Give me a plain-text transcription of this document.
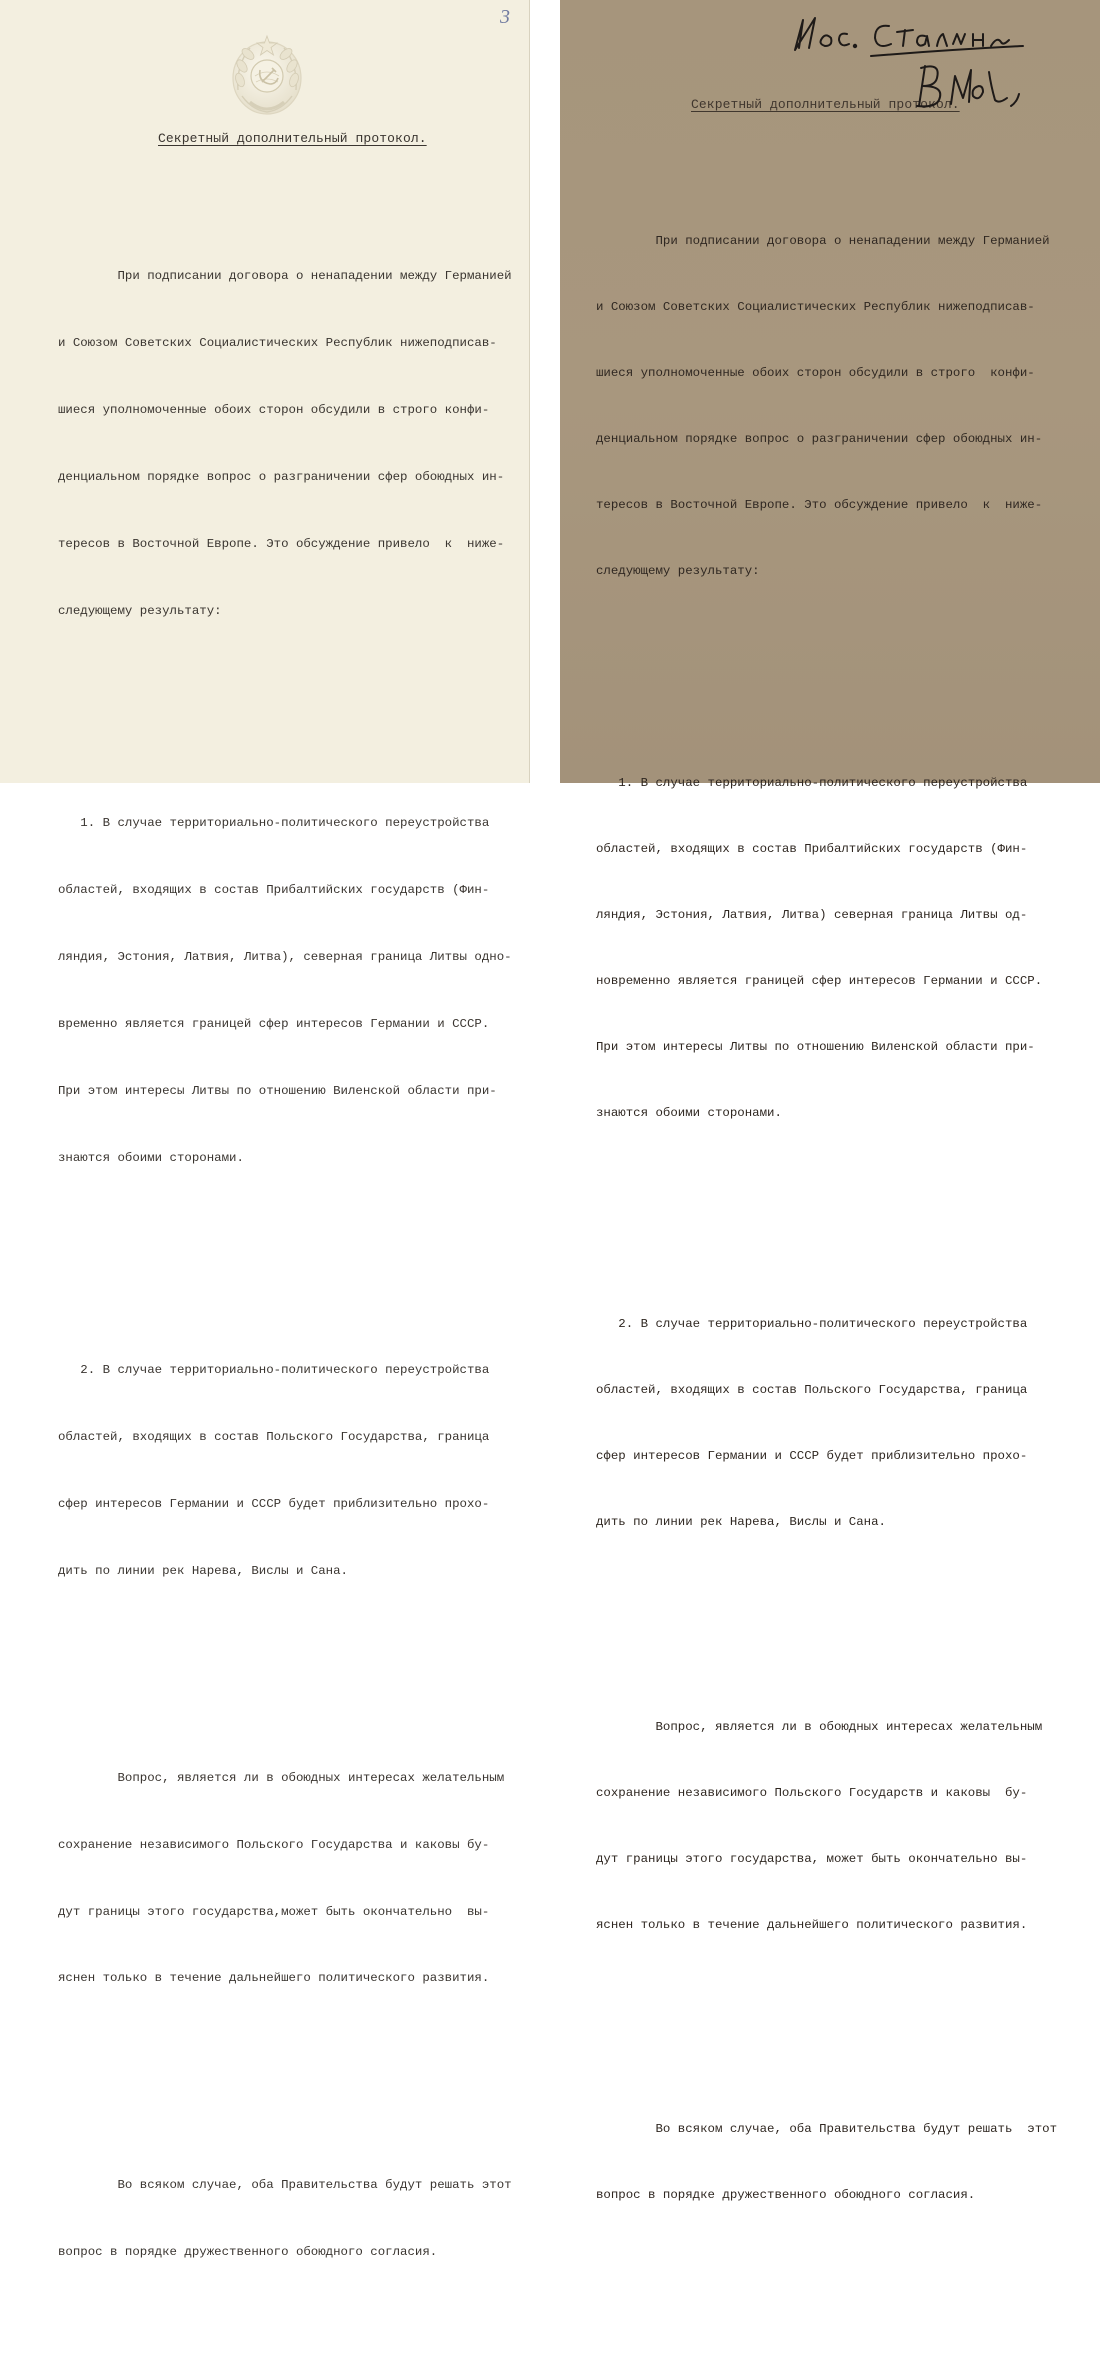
3
Секретный дополнительный протокол.

При подписании договора о ненападении между Германией

и Союзом Советских Социалистических Республик нижеподписав-

шиеся уполномоченные обоих сторон обсудили в строго конфи-

денциальном порядке вопрос о разграничении сфер обоюдных ин-

тересов в Восточной Европе. Это обсуждение привело  к  ниже-

следующему результату:

1. В случае территориально-политического переустройства

областей, входящих в состав Прибалтийских государств (Фин-

ляндия, Эстония, Латвия, Литва), северная граница Литвы одно-

временно является границей сфер интересов Германии и СССР.

При этом интересы Литвы по отношению Виленской области при-

знаются обоими сторонами.

2. В случае территориально-политического переустройства

областей, входящих в состав Польского Государства, граница

сфер интересов Германии и СССР будет приблизительно прохо-

дить по линии рек Нарева, Вислы и Сана.

Вопрос, является ли в обоюдных интересах желательным

сохранение независимого Польского Государства и каковы бу-

дут границы этого государства,может быть окончательно  вы-

яснен только в течение дальнейшего политического развития.

Во всяком случае, оба Правительства будут решать этот

вопрос в порядке дружественного обоюдного согласия.

Секретный дополнительный протокол.

При подписании договора о ненападении между Германией

и Союзом Советских Социалистических Республик нижеподписав-

шиеся уполномоченные обоих сторон обсудили в строго  конфи-

денциальном порядке вопрос о разграничении сфер обоюдных ин-

тересов в Восточной Европе. Это обсуждение привело  к  ниже-

следующему результату:

1. В случае территориально-политического переустройства

областей, входящих в состав Прибалтийских государств (Фин-

ляндия, Эстония, Латвия, Литва) северная граница Литвы од-

новременно является границей сфер интересов Германии и СССР.

При этом интересы Литвы по отношению Виленской области при-

знаются обоими сторонами.

2. В случае территориально-политического переустройства

областей, входящих в состав Польского Государства, граница

сфер интересов Германии и СССР будет приблизительно прохо-

дить по линии рек Нарева, Вислы и Сана.

Вопрос, является ли в обоюдных интересах желательным

сохранение независимого Польского Государств и каковы  бу-

дут границы этого государства, может быть окончательно вы-

яснен только в течение дальнейшего политического развития.

Во всяком случае, оба Правительства будут решать  этот

вопрос в порядке дружественного обоюдного согласия.
